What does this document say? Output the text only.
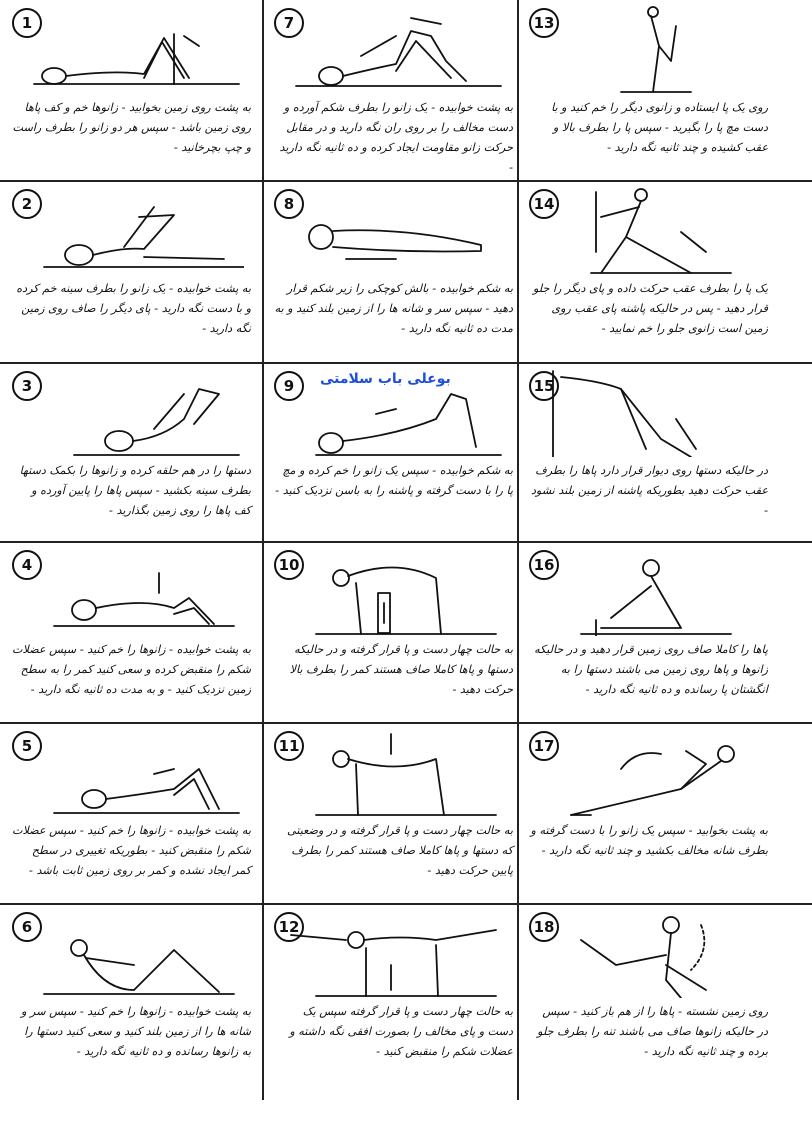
1
به پشت روی زمین بخوابید - زانوها خم و کف پاها روی زمین باشد - سپس هر دو زانو را بطرف راست و چپ بچرخانید -
7
به پشت خوابیده - یک زانو را بطرف شکم آورده و دست مخالف را بر روی ران نگه دارید و در مقابل حرکت زانو مقاومت ایجاد کرده و ده ثانیه نگه دارید -
13
روی یک پا ایستاده و زانوی دیگر را خم کنید و با دست مچ پا را بگیرید - سپس پا را بطرف بالا و عقب کشیده و چند ثانیه نگه دارید -
2
به پشت خوابیده - یک زانو را بطرف سینه خم کرده و با دست نگه دارید - پای دیگر را صاف روی زمین نگه دارید -
8
به شکم خوابیده - بالش کوچکی را زیر شکم قرار دهید - سپس سر و شانه ها را از زمین بلند کنید و به مدت ده ثانیه نگه دارید -
14
یک پا را بطرف عقب حرکت داده و پای دیگر را جلو قرار دهید - پس در حالیکه پاشنه پای عقب روی زمین است زانوی جلو را خم نمایید -
3
دستها را در هم حلقه کرده و زانوها را بکمک دستها بطرف سینه بکشید - سپس پاها را پایین آورده و کف پاها را روی زمین بگذارید -
9	بوعلی باب سلامتی
به شکم خوابیده - سپس یک زانو را خم کرده و مچ پا را با دست گرفته و پاشنه را به باسن نزدیک کنید -
15
در حالیکه دستها روی دیوار قرار دارد پاها را بطرف عقب حرکت دهید بطوریکه پاشنه از زمین بلند نشود -
4
به پشت خوابیده - زانوها را خم کنید - سپس عضلات شکم را منقبض کرده و سعی کنید کمر را به سطح زمین نزدیک کنید - و به مدت ده ثانیه نگه دارید -
10
به حالت چهار دست و پا قرار گرفته و در حالیکه دستها و پاها کاملا صاف هستند کمر را بطرف بالا حرکت دهید -
16
پاها را کاملا صاف روی زمین قرار دهید و در حالیکه زانوها و پاها روی زمین می باشند دستها را به انگشتان پا رسانده و ده ثانیه نگه دارید -
5
به پشت خوابیده - زانوها را خم کنید - سپس عضلات شکم را منقبض کنید - بطوریکه تغییری در سطح کمر ایجاد نشده و کمر بر روی زمین ثابت باشد -
11
به حالت چهار دست و پا قرار گرفته و در وضعیتی که دستها و پاها کاملا صاف هستند کمر را بطرف پایین حرکت دهید -
17
به پشت بخوابید - سپس یک زانو را با دست گرفته و بطرف شانه مخالف بکشید و چند ثانیه نگه دارید -
6
به پشت خوابیده - زانوها را خم کنید - سپس سر و شانه ها را از زمین بلند کنید و سعی کنید دستها را به زانوها رسانده و ده ثانیه نگه دارید -
12
به حالت چهار دست و پا قرار گرفته سپس یک دست و پای مخالف را بصورت افقی نگه داشته و عضلات شکم را منقبض کنید -
18
روی زمین نشسته - پاها را از هم باز کنید - سپس در حالیکه زانوها صاف می باشند تنه را بطرف جلو برده و چند ثانیه نگه دارید -
